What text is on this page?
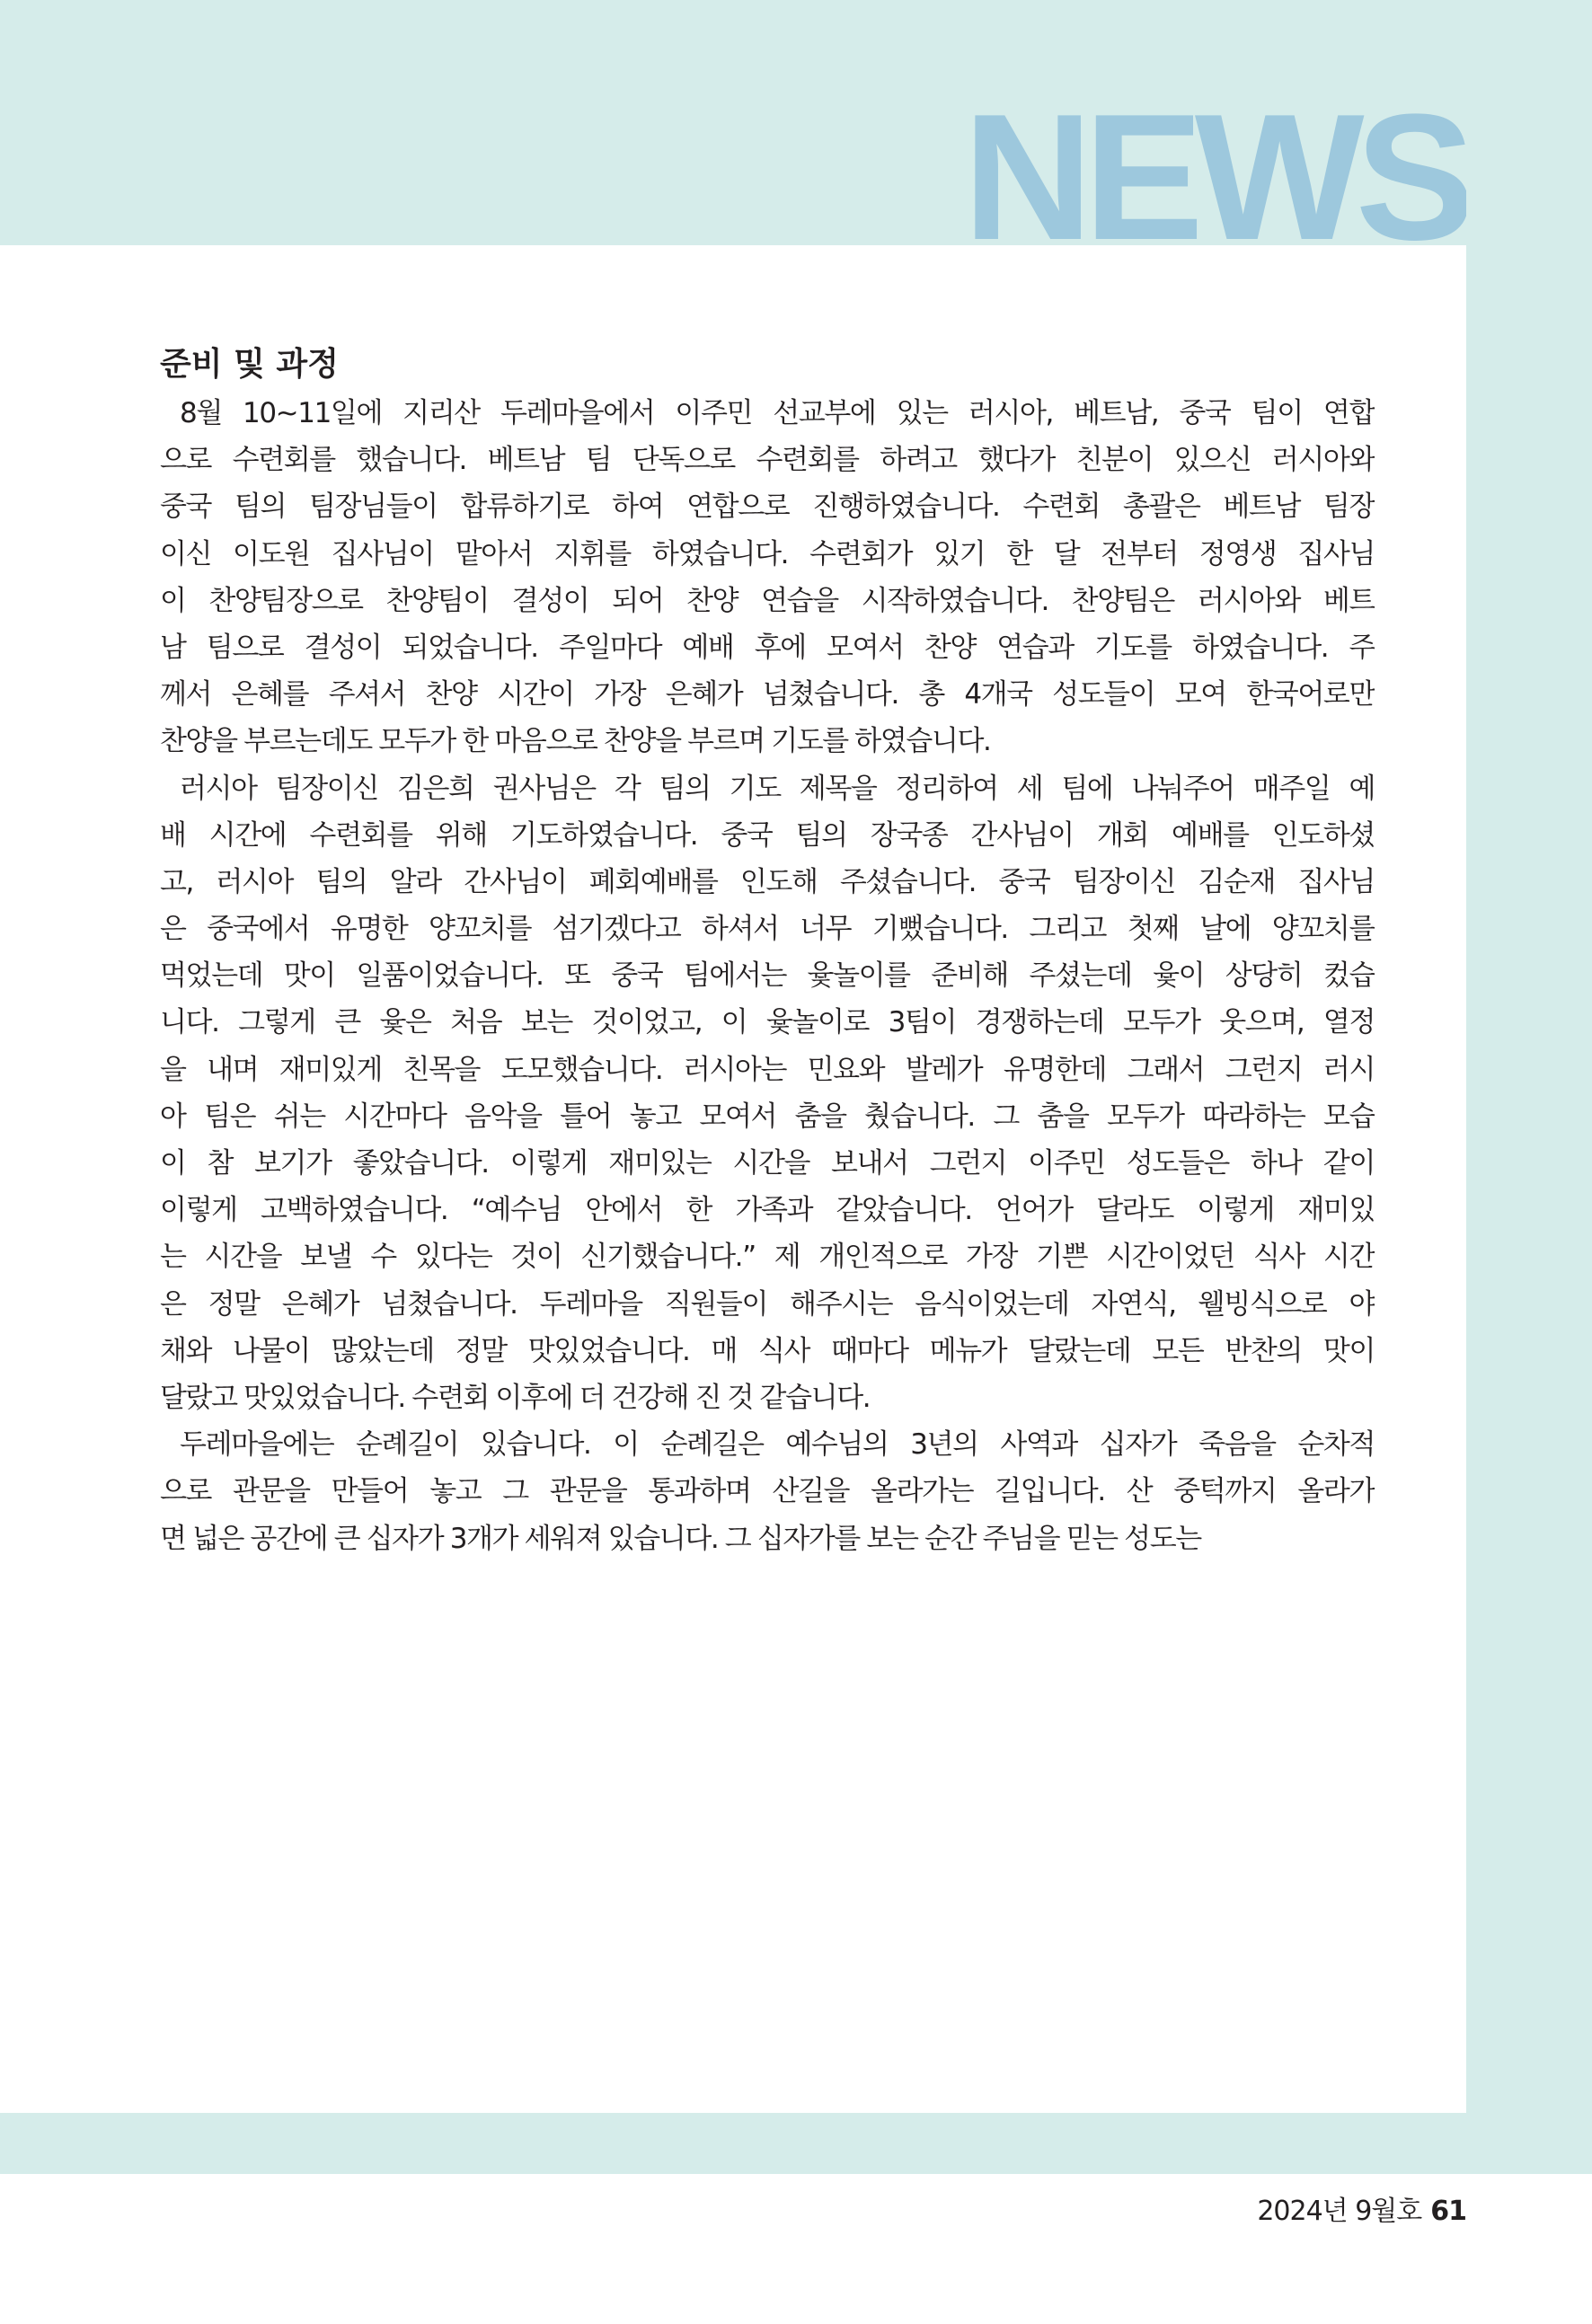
NEWS
준비 및 과정
8월 10~11일에 지리산 두레마을에서 이주민 선교부에 있는 러시아, 베트남, 중국 팀이 연합
으로 수련회를 했습니다. 베트남 팀 단독으로 수련회를 하려고 했다가 친분이 있으신 러시아와
중국 팀의 팀장님들이 합류하기로 하여 연합으로 진행하였습니다. 수련회 총괄은 베트남 팀장
이신 이도원 집사님이 맡아서 지휘를 하였습니다. 수련회가 있기 한 달 전부터 정영생 집사님
이 찬양팀장으로 찬양팀이 결성이 되어 찬양 연습을 시작하였습니다. 찬양팀은 러시아와 베트
남 팀으로 결성이 되었습니다. 주일마다 예배 후에 모여서 찬양 연습과 기도를 하였습니다. 주
께서 은혜를 주셔서 찬양 시간이 가장 은혜가 넘쳤습니다. 총 4개국 성도들이 모여 한국어로만
찬양을 부르는데도 모두가 한 마음으로 찬양을 부르며 기도를 하였습니다.
러시아 팀장이신 김은희 권사님은 각 팀의 기도 제목을 정리하여 세 팀에 나눠주어 매주일 예
배 시간에 수련회를 위해 기도하였습니다. 중국 팀의 장국종 간사님이 개회 예배를 인도하셨
고, 러시아 팀의 알라 간사님이 폐회예배를 인도해 주셨습니다. 중국 팀장이신 김순재 집사님
은 중국에서 유명한 양꼬치를 섬기겠다고 하셔서 너무 기뻤습니다. 그리고 첫째 날에 양꼬치를
먹었는데 맛이 일품이었습니다. 또 중국 팀에서는 윷놀이를 준비해 주셨는데 윷이 상당히 컸습
니다. 그렇게 큰 윷은 처음 보는 것이었고, 이 윷놀이로 3팀이 경쟁하는데 모두가 웃으며, 열정
을 내며 재미있게 친목을 도모했습니다. 러시아는 민요와 발레가 유명한데 그래서 그런지 러시
아 팀은 쉬는 시간마다 음악을 틀어 놓고 모여서 춤을 췄습니다. 그 춤을 모두가 따라하는 모습
이 참 보기가 좋았습니다. 이렇게 재미있는 시간을 보내서 그런지 이주민 성도들은 하나 같이
이렇게 고백하였습니다. “예수님 안에서 한 가족과 같았습니다. 언어가 달라도 이렇게 재미있
는 시간을 보낼 수 있다는 것이 신기했습니다.” 제 개인적으로 가장 기쁜 시간이었던 식사 시간
은 정말 은혜가 넘쳤습니다. 두레마을 직원들이 해주시는 음식이었는데 자연식, 웰빙식으로 야
채와 나물이 많았는데 정말 맛있었습니다. 매 식사 때마다 메뉴가 달랐는데 모든 반찬의 맛이
달랐고 맛있었습니다. 수련회 이후에 더 건강해 진 것 같습니다.
두레마을에는 순례길이 있습니다. 이 순례길은 예수님의 3년의 사역과 십자가 죽음을 순차적
으로 관문을 만들어 놓고 그 관문을 통과하며 산길을 올라가는 길입니다. 산 중턱까지 올라가
면 넓은 공간에 큰 십자가 3개가 세워져 있습니다. 그 십자가를 보는 순간 주님을 믿는 성도는
2024년 9월호 61
